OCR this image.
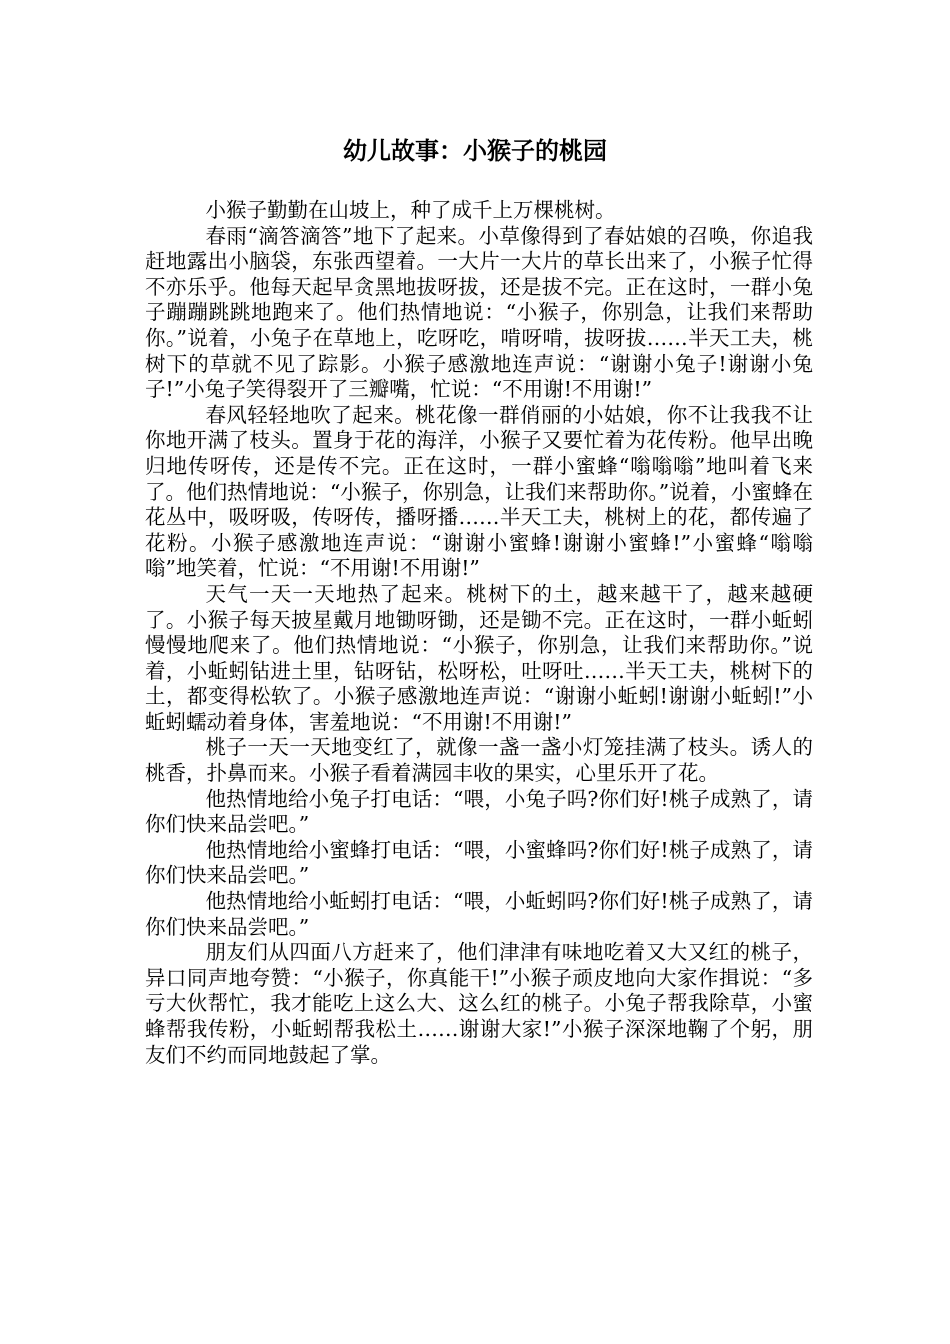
幼儿故事：小猴子的桃园

小猴子勤勤在山坡上，种了成千上万棵桃树。

春雨“滴答滴答”地下了起来。小草像得到了春姑娘的召唤，你追我赶地露出小脑袋，东张西望着。一大片一大片的草长出来了，小猴子忙得不亦乐乎。他每天起早贪黑地拔呀拔，还是拔不完。正在这时，一群小兔子蹦蹦跳跳地跑来了。他们热情地说：“小猴子，你别急，让我们来帮助你。”说着，小兔子在草地上，吃呀吃，啃呀啃，拔呀拔……半天工夫，桃树下的草就不见了踪影。小猴子感激地连声说：“谢谢小兔子!谢谢小兔子!”小兔子笑得裂开了三瓣嘴，忙说：“不用谢!不用谢!”

春风轻轻地吹了起来。桃花像一群俏丽的小姑娘，你不让我我不让你地开满了枝头。置身于花的海洋，小猴子又要忙着为花传粉。他早出晚归地传呀传，还是传不完。正在这时，一群小蜜蜂“嗡嗡嗡”地叫着飞来了。他们热情地说：“小猴子，你别急，让我们来帮助你。”说着，小蜜蜂在花丛中，吸呀吸，传呀传，播呀播……半天工夫，桃树上的花，都传遍了花粉。小猴子感激地连声说：“谢谢小蜜蜂!谢谢小蜜蜂!”小蜜蜂“嗡嗡嗡”地笑着，忙说：“不用谢!不用谢!”

天气一天一天地热了起来。桃树下的土，越来越干了，越来越硬了。小猴子每天披星戴月地锄呀锄，还是锄不完。正在这时，一群小蚯蚓慢慢地爬来了。他们热情地说：“小猴子，你别急，让我们来帮助你。”说着，小蚯蚓钻进土里，钻呀钻，松呀松，吐呀吐……半天工夫，桃树下的土，都变得松软了。小猴子感激地连声说：“谢谢小蚯蚓!谢谢小蚯蚓!”小蚯蚓蠕动着身体，害羞地说：“不用谢!不用谢!”

桃子一天一天地变红了，就像一盏一盏小灯笼挂满了枝头。诱人的桃香，扑鼻而来。小猴子看着满园丰收的果实，心里乐开了花。

他热情地给小兔子打电话：“喂，小兔子吗?你们好!桃子成熟了，请你们快来品尝吧。”

他热情地给小蜜蜂打电话：“喂，小蜜蜂吗?你们好!桃子成熟了，请你们快来品尝吧。”

他热情地给小蚯蚓打电话：“喂，小蚯蚓吗?你们好!桃子成熟了，请你们快来品尝吧。”

朋友们从四面八方赶来了，他们津津有味地吃着又大又红的桃子，异口同声地夸赞：“小猴子，你真能干!”小猴子顽皮地向大家作揖说：“多亏大伙帮忙，我才能吃上这么大、这么红的桃子。小兔子帮我除草，小蜜蜂帮我传粉，小蚯蚓帮我松土……谢谢大家!”小猴子深深地鞠了个躬，朋友们不约而同地鼓起了掌。
